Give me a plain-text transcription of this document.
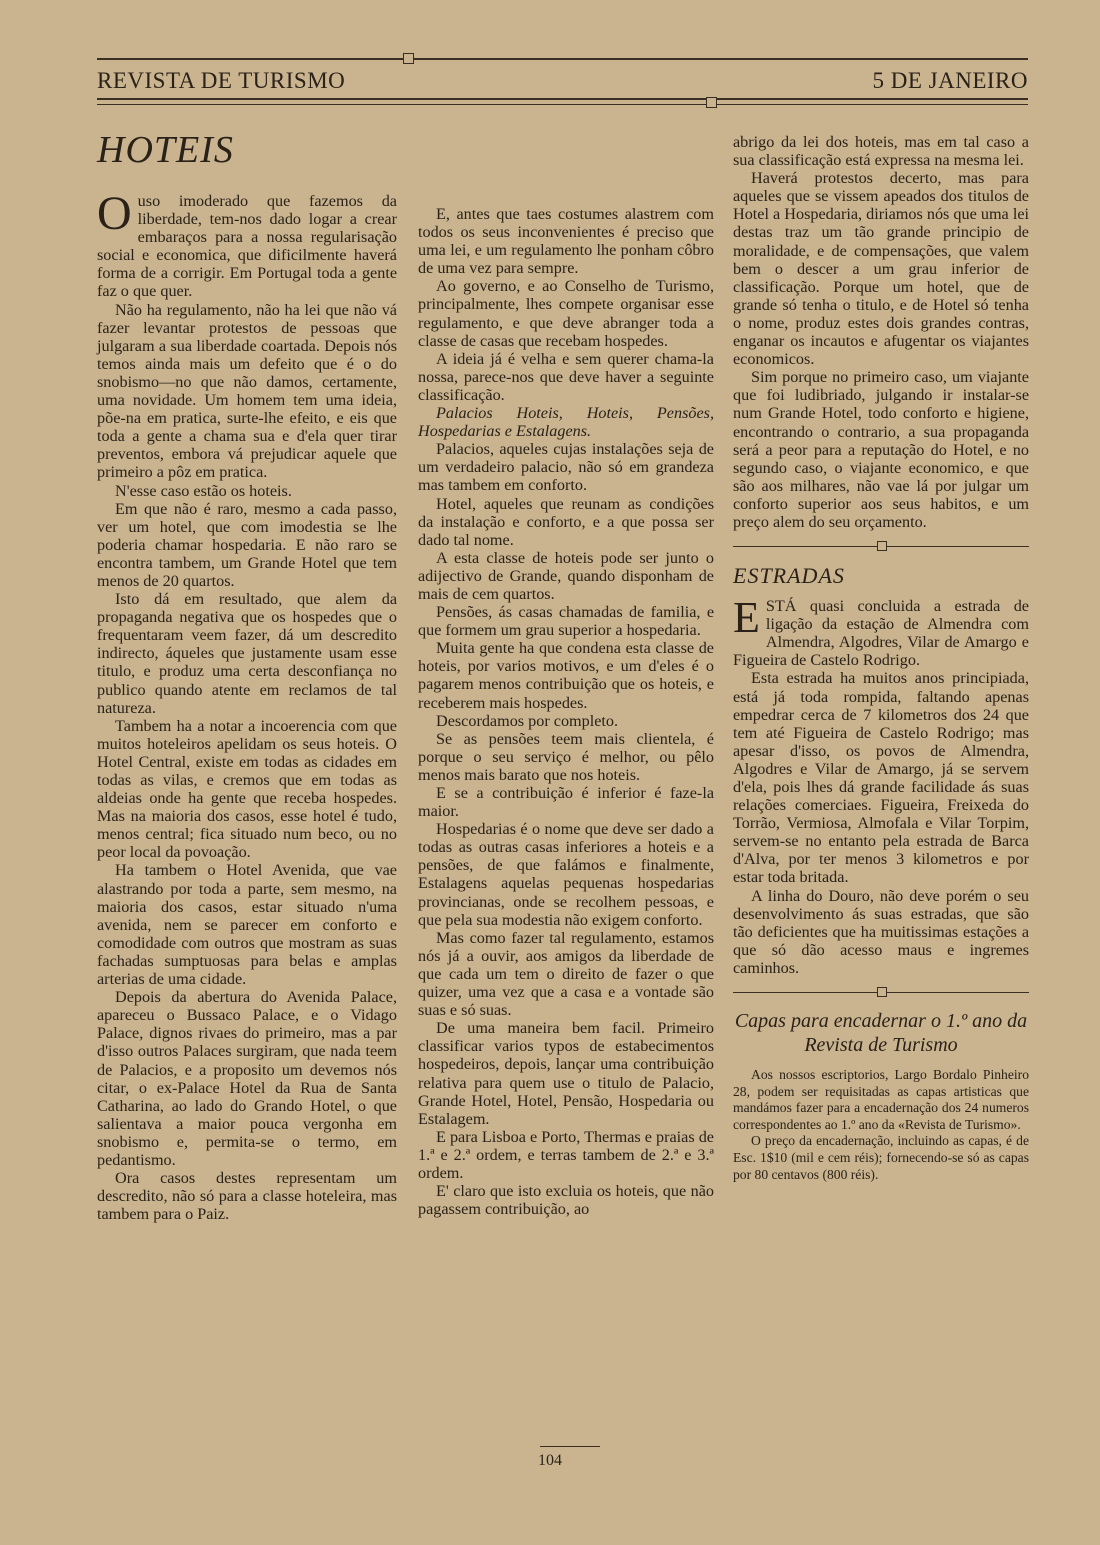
REVISTA DE TURISMO	5 DE JANEIRO
HOTEIS

Ouso imoderado que fazemos da liberdade, tem-nos dado logar a crear embaraços para a nossa regularisação social e economica, que dificilmente haverá forma de a corrigir. Em Portugal toda a gente faz o que quer.

Não ha regulamento, não ha lei que não vá fazer levantar protestos de pessoas que julgaram a sua liberdade coartada. Depois nós temos ainda mais um defeito que é o do snobismo—no que não damos, certamente, uma novidade. Um homem tem uma ideia, põe-na em pratica, surte-lhe efeito, e eis que toda a gente a chama sua e d'ela quer tirar preventos, embora vá prejudicar aquele que primeiro a pôz em pratica.

N'esse caso estão os hoteis.

Em que não é raro, mesmo a cada passo, ver um hotel, que com imodestia se lhe poderia chamar hospedaria. E não raro se encontra tambem, um Grande Hotel que tem menos de 20 quartos.

Isto dá em resultado, que alem da propaganda negativa que os hospedes que o frequentaram veem fazer, dá um descredito indirecto, áqueles que justamente usam esse titulo, e produz uma certa desconfiança no publico quando atente em reclamos de tal natureza.

Tambem ha a notar a incoerencia com que muitos hoteleiros apelidam os seus hoteis. O Hotel Central, existe em todas as cidades em todas as vilas, e cremos que em todas as aldeias onde ha gente que receba hospedes. Mas na maioria dos casos, esse hotel é tudo, menos central; fica situado num beco, ou no peor local da povoação.

Ha tambem o Hotel Avenida, que vae alastrando por toda a parte, sem mesmo, na maioria dos casos, estar situado n'uma avenida, nem se parecer em conforto e comodidade com outros que mostram as suas fachadas sumptuosas para belas e amplas arterias de uma cidade.

Depois da abertura do Avenida Palace, apareceu o Bussaco Palace, e o Vidago Palace, dignos rivaes do primeiro, mas a par d'isso outros Palaces surgiram, que nada teem de Palacios, e a proposito um devemos nós citar, o ex-Palace Hotel da Rua de Santa Catharina, ao lado do Grando Hotel, o que salientava a maior pouca vergonha em snobismo e, permita-se o termo, em pedantismo.

Ora casos destes representam um descredito, não só para a classe hoteleira, mas tambem para o Paiz.

E, antes que taes costumes alastrem com todos os seus inconvenientes é preciso que uma lei, e um regulamento lhe ponham côbro de uma vez para sempre.

Ao governo, e ao Conselho de Turismo, principalmente, lhes compete organisar esse regulamento, e que deve abranger toda a classe de casas que recebam hospedes.

A ideia já é velha e sem querer chama-la nossa, parece-nos que deve haver a seguinte classificação.

Palacios Hoteis, Hoteis, Pensões, Hospedarias e Estalagens.

Palacios, aqueles cujas instalações seja de um verdadeiro palacio, não só em grandeza mas tambem em conforto.

Hotel, aqueles que reunam as condições da instalação e conforto, e a que possa ser dado tal nome.

A esta classe de hoteis pode ser junto o adijectivo de Grande, quando disponham de mais de cem quartos.

Pensões, ás casas chamadas de familia, e que formem um grau superior a hospedaria.

Muita gente ha que condena esta classe de hoteis, por varios motivos, e um d'eles é o pagarem menos contribuição que os hoteis, e receberem mais hospedes.

Descordamos por completo.

Se as pensões teem mais clientela, é porque o seu serviço é melhor, ou pêlo menos mais barato que nos hoteis.

E se a contribuição é inferior é faze-la maior.

Hospedarias é o nome que deve ser dado a todas as outras casas inferiores a hoteis e a pensões, de que falámos e finalmente, Estalagens aquelas pequenas hospedarias provincianas, onde se recolhem pessoas, e que pela sua modestia não exigem conforto.

Mas como fazer tal regulamento, estamos nós já a ouvir, aos amigos da liberdade de que cada um tem o direito de fazer o que quizer, uma vez que a casa e a vontade são suas e só suas.

De uma maneira bem facil. Primeiro classificar varios typos de estabecimentos hospedeiros, depois, lançar uma contribuição relativa para quem use o titulo de Palacio, Grande Hotel, Hotel, Pensão, Hospedaria ou Estalagem.

E para Lisboa e Porto, Thermas e praias de 1.ª e 2.ª ordem, e terras tambem de 2.ª e 3.ª ordem.

E' claro que isto excluia os hoteis, que não pagassem contribuição, ao

abrigo da lei dos hoteis, mas em tal caso a sua classificação está expressa na mesma lei.

Haverá protestos decerto, mas para aqueles que se vissem apeados dos titulos de Hotel a Hospedaria, diriamos nós que uma lei destas traz um tão grande principio de moralidade, e de compensações, que valem bem o descer a um grau inferior de classificação. Porque um hotel, que de grande só tenha o titulo, e de Hotel só tenha o nome, produz estes dois grandes contras, enganar os incautos e afugentar os viajantes economicos.

Sim porque no primeiro caso, um viajante que foi ludibriado, julgando ir instalar-se num Grande Hotel, todo conforto e higiene, encontrando o contrario, a sua propaganda será a peor para a reputação do Hotel, e no segundo caso, o viajante economico, e que são aos milhares, não vae lá por julgar um conforto superior aos seus habitos, e um preço alem do seu orçamento.

ESTRADAS

ESTÁ quasi concluida a estrada de ligação da estação de Almendra com Almendra, Algodres, Vilar de Amargo e Figueira de Castelo Rodrigo.

Esta estrada ha muitos anos principiada, está já toda rompida, faltando apenas empedrar cerca de 7 kilometros dos 24 que tem até Figueira de Castelo Rodrigo; mas apesar d'isso, os povos de Almendra, Algodres e Vilar de Amargo, já se servem d'ela, pois lhes dá grande facilidade ás suas relações comerciaes. Figueira, Freixeda do Torrão, Vermiosa, Almofala e Vilar Torpim, servem-se no entanto pela estrada de Barca d'Alva, por ter menos 3 kilometros e por estar toda britada.

A linha do Douro, não deve porém o seu desenvolvimento ás suas estradas, que são tão deficientes que ha muitissimas estações a que só dão acesso maus e ingremes caminhos.

Capas para encadernar o 1.º ano da Revista de Turismo

Aos nossos escriptorios, Largo Bordalo Pinheiro 28, podem ser requisitadas as capas artisticas que mandámos fazer para a encadernação dos 24 numeros correspondentes ao 1.º ano da «Revista de Turismo».

O preço da encadernação, incluindo as capas, é de Esc. 1$10 (mil e cem réis); fornecendo-se só as capas por 80 centavos (800 réis).

104
